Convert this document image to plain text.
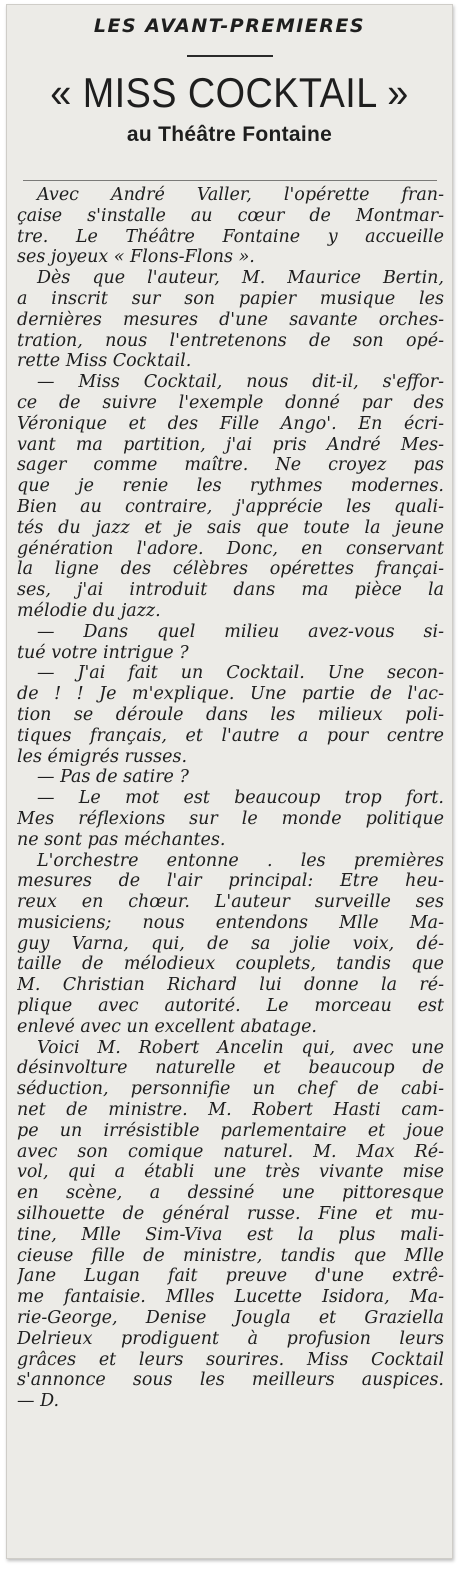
LES AVANT-PREMIERES
« MISS COCKTAIL »
au Théâtre Fontaine
Avec André Valler, l'opérette fran-
çaise s'installe au cœur de Montmar-
tre. Le Théâtre Fontaine y accueille
ses joyeux « Flons-Flons ».
Dès que l'auteur, M. Maurice Bertin,
a inscrit sur son papier musique les
dernières mesures d'une savante orches-
tration, nous l'entretenons de son opé-
rette Miss Cocktail.
— Miss Cocktail, nous dit-il, s'effor-
ce de suivre l'exemple donné par des
Véronique et des Fille Ango'. En écri-
vant ma partition, j'ai pris André Mes-
sager comme maître. Ne croyez pas
que je renie les rythmes modernes.
Bien au contraire, j'apprécie les quali-
tés du jazz et je sais que toute la jeune
génération l'adore. Donc, en conservant
la ligne des célèbres opérettes françai-
ses, j'ai introduit dans ma pièce la
mélodie du jazz.
— Dans quel milieu avez-vous si-
tué votre intrigue ?
— J'ai fait un Cocktail. Une secon-
de ! ! Je m'explique. Une partie de l'ac-
tion se déroule dans les milieux poli-
tiques français, et l'autre a pour centre
les émigrés russes.
— Pas de satire ?
— Le mot est beaucoup trop fort.
Mes réflexions sur le monde politique
ne sont pas méchantes.
L'orchestre entonne . les premières
mesures de l'air principal: Etre heu-
reux en chœur. L'auteur surveille ses
musiciens; nous entendons Mlle Ma-
guy Varna, qui, de sa jolie voix, dé-
taille de mélodieux couplets, tandis que
M. Christian Richard lui donne la ré-
plique avec autorité. Le morceau est
enlevé avec un excellent abatage.
Voici M. Robert Ancelin qui, avec une
désinvolture naturelle et beaucoup de
séduction, personnifie un chef de cabi-
net de ministre. M. Robert Hasti cam-
pe un irrésistible parlementaire et joue
avec son comique naturel. M. Max Ré-
vol, qui a établi une très vivante mise
en scène, a dessiné une pittoresque
silhouette de général russe. Fine et mu-
tine, Mlle Sim-Viva est la plus mali-
cieuse fille de ministre, tandis que Mlle
Jane Lugan fait preuve d'une extrê-
me fantaisie. Mlles Lucette Isidora, Ma-
rie-George, Denise Jougla et Graziella
Delrieux prodiguent à profusion leurs
grâces et leurs sourires. Miss Cocktail
s'annonce sous les meilleurs auspices.
— D.
